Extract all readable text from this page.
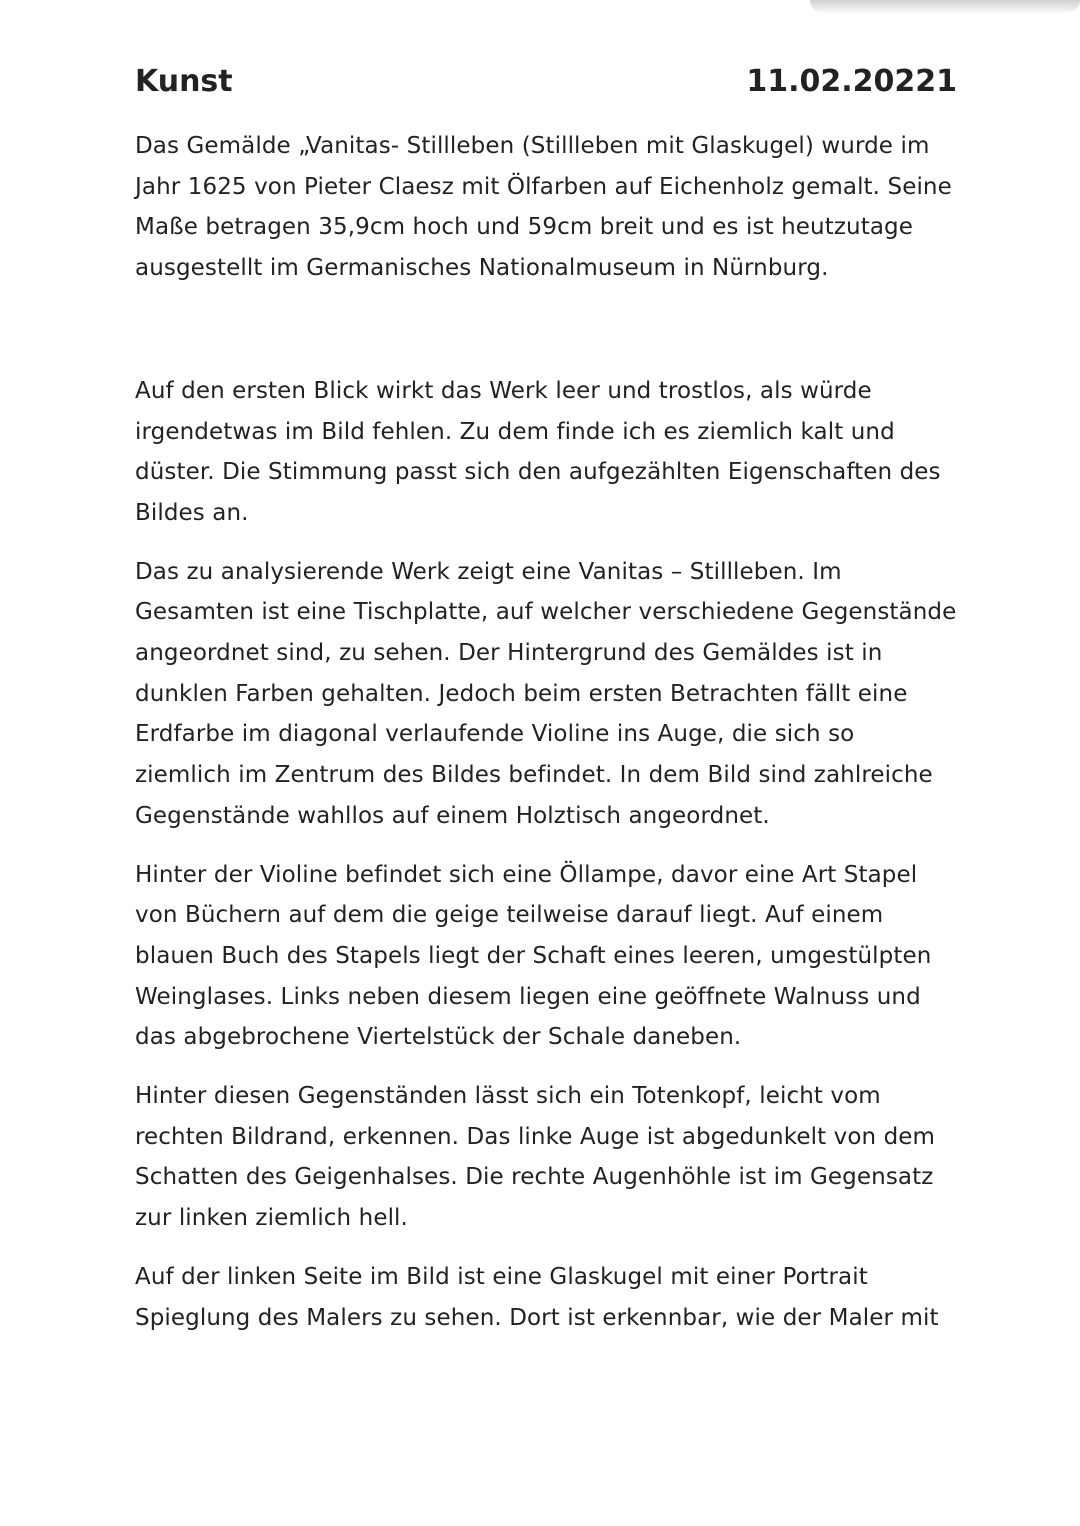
Kunst	11.02.20221

Das Gemälde „Vanitas- Stillleben (Stillleben mit Glaskugel) wurde im Jahr 1625 von Pieter Claesz mit Ölfarben auf Eichenholz gemalt. Seine Maße betragen 35,9cm hoch und 59cm breit und es ist heutzutage ausgestellt im Germanisches Nationalmuseum in Nürnburg.

Auf den ersten Blick wirkt das Werk leer und trostlos, als würde irgendetwas im Bild fehlen. Zu dem finde ich es ziemlich kalt und düster. Die Stimmung passt sich den aufgezählten Eigenschaften des Bildes an.

Das zu analysierende Werk zeigt eine Vanitas – Stillleben. Im Gesamten ist eine Tischplatte, auf welcher verschiedene Gegenstände angeordnet sind, zu sehen. Der Hintergrund des Gemäldes ist in dunklen Farben gehalten. Jedoch beim ersten Betrachten fällt eine Erdfarbe im diagonal verlaufende Violine ins Auge, die sich so ziemlich im Zentrum des Bildes befindet. In dem Bild sind zahlreiche Gegenstände wahllos auf einem Holztisch angeordnet.

Hinter der Violine befindet sich eine Öllampe, davor eine Art Stapel von Büchern auf dem die geige teilweise darauf liegt. Auf einem blauen Buch des Stapels liegt der Schaft eines leeren, umgestülpten Weinglases. Links neben diesem liegen eine geöffnete Walnuss und das abgebrochene Viertelstück der Schale daneben.

Hinter diesen Gegenständen lässt sich ein Totenkopf, leicht vom rechten Bildrand, erkennen. Das linke Auge ist abgedunkelt von dem Schatten des Geigenhalses. Die rechte Augenhöhle ist im Gegensatz zur linken ziemlich hell.

Auf der linken Seite im Bild ist eine Glaskugel mit einer Portrait Spieglung des Malers zu sehen. Dort ist erkennbar, wie der Maler mit
